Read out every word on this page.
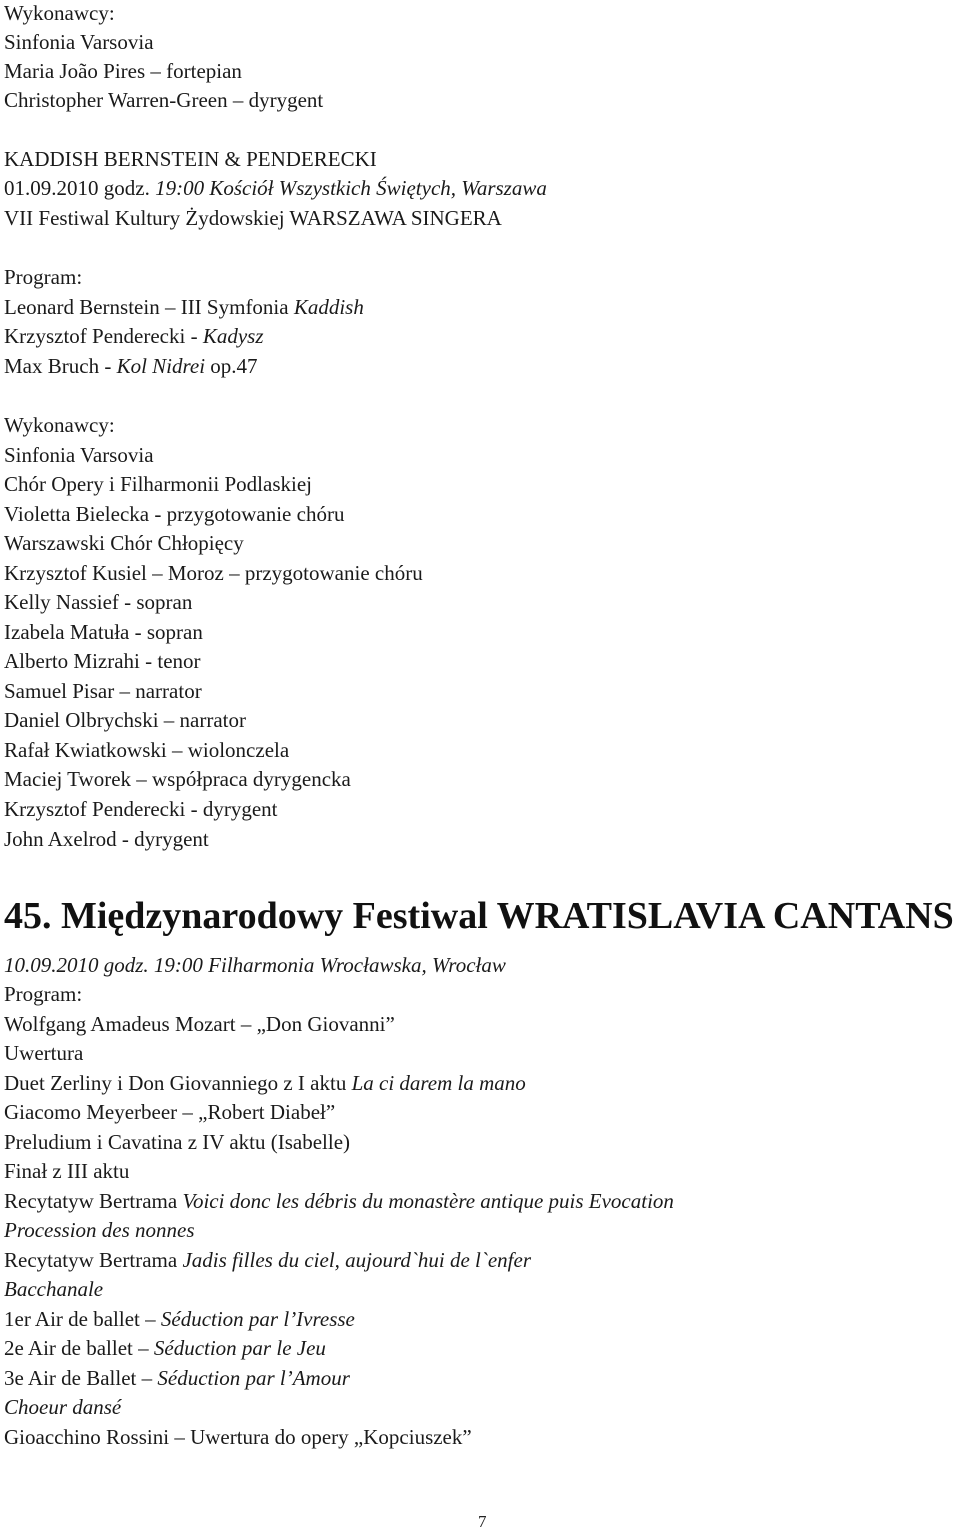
Wykonawcy:
Sinfonia Varsovia
Maria João Pires – fortepian
Christopher Warren-Green – dyrygent
KADDISH BERNSTEIN & PENDERECKI
01.09.2010 godz. 19:00 Kościół Wszystkich Świętych, Warszawa
VII Festiwal Kultury Żydowskiej WARSZAWA SINGERA
Program:
Leonard Bernstein – III Symfonia Kaddish
Krzysztof Penderecki - Kadysz
Max Bruch - Kol Nidrei op.47
Wykonawcy:
Sinfonia Varsovia
Chór Opery i Filharmonii Podlaskiej
Violetta Bielecka - przygotowanie chóru
Warszawski Chór Chłopięcy
Krzysztof Kusiel – Moroz – przygotowanie chóru
Kelly Nassief - sopran
Izabela Matuła - sopran
Alberto Mizrahi - tenor
Samuel Pisar – narrator
Daniel Olbrychski – narrator
Rafał Kwiatkowski – wiolonczela
Maciej Tworek – współpraca dyrygencka
Krzysztof Penderecki - dyrygent
John Axelrod - dyrygent
45. Międzynarodowy Festiwal WRATISLAVIA CANTANS
10.09.2010 godz. 19:00 Filharmonia Wrocławska, Wrocław
Program:
Wolfgang Amadeus Mozart – „Don Giovanni”
Uwertura
Duet Zerliny i Don Giovanniego z I aktu La ci darem la mano
Giacomo Meyerbeer – „Robert Diabeł”
Preludium i Cavatina z IV aktu (Isabelle)
Finał z III aktu
Recytatyw Bertrama Voici donc les débris du monastère antique puis Evocation
Procession des nonnes
Recytatyw Bertrama Jadis filles du ciel, aujourd`hui de l`enfer
Bacchanale
1er Air de ballet – Séduction par l’Ivresse
2e Air de ballet – Séduction par le Jeu
3e Air de Ballet – Séduction par l’Amour
Choeur dansé
Gioacchino Rossini – Uwertura do opery „Kopciuszek”
7
